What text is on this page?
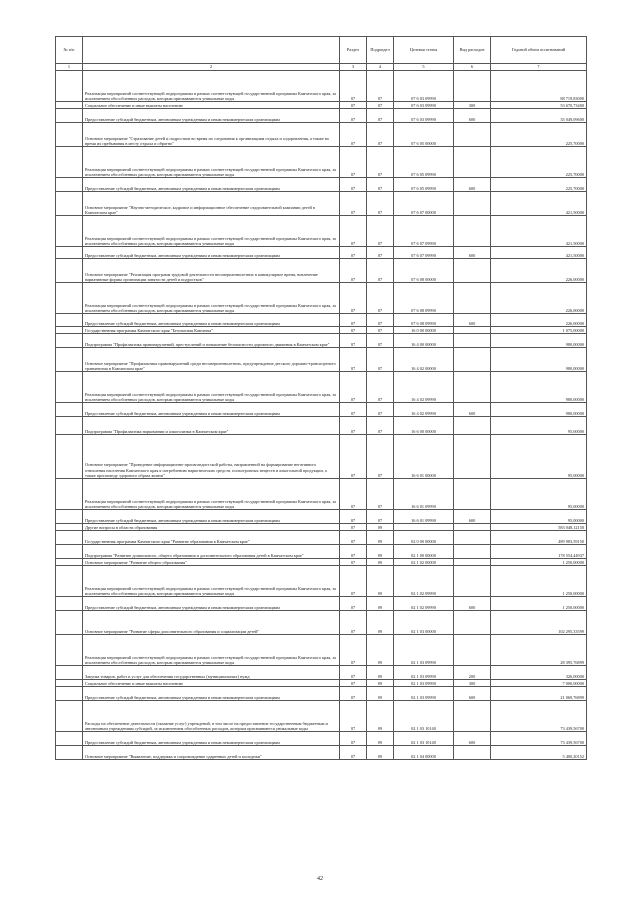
№ п/п		Раздел	Подраздел	Целевая статья	Вид расходов	Годовой объем ассигнований
1	2	3	4	5	6	7
	Реализация мероприятий соответствующей подпрограммы в рамках соответствующей государственной программы Камчатского края, за исключением обособленных расходов, которым присваиваются уникальные коды	07	07	07 6 03 09990		88 719,83000
	Социальное обеспечение и иные выплаты населению	07	07	07 6 03 09990	300	53 670,73400
	Предоставление субсидий бюджетным, автономным учреждениям и иным некоммерческим организациям	07	07	07 6 03 09990	600	35 049,09600
	Основное мероприятие "Страхование детей и подростков во время их следования к организациям отдыха и оздоровления, а также во время их пребывания в месту отдыха и обратно"	07	07	07 6 05 00000		225,70000
	Реализация мероприятий соответствующей подпрограммы в рамках соответствующей государственной программы Камчатского края, за исключением обособленных расходов, которым присваиваются уникальные коды	07	07	07 6 05 09990		225,70000
	Предоставление субсидий бюджетным, автономным учреждениям и иным некоммерческим организациям	07	07	07 6 05 09990	600	225,70000
	Основное мероприятие "Научно-методическое, кадровое и информационное обеспечение оздоровительной кампании детей в Камчатском крае"	07	07	07 6 07 00000		421,50000
	Реализация мероприятий соответствующей подпрограммы в рамках соответствующей государственной программы Камчатского края, за исключением обособленных расходов, которым присваиваются уникальные коды	07	07	07 6 07 09990		421,50000
	Предоставление субсидий бюджетным, автономным учреждениям и иным некоммерческим организациям	07	07	07 6 07 09990	600	421,50000
	Основное мероприятие "Реализация программ трудовой деятельности несовершеннолетних в каникулярное время, вовлечение вариативные формы организации занятости детей и подростков"	07	07	07 6 08 00000		226,00000
	Реализация мероприятий соответствующей подпрограммы в рамках соответствующей государственной программы Камчатского края, за исключением обособленных расходов, которым присваиваются уникальные коды	07	07	07 6 08 09990		226,00000
	Предоставление субсидий бюджетным, автономным учреждениям и иным некоммерческим организациям	07	07	07 6 08 09990	600	226,00000
	Государственная программа Камчатского края "Безопасная Камчатка"	07	07	16 0 00 00000		1 075,00000
	Подпрограмма "Профилактика правонарушений, преступлений и повышение безопасности дорожного движения в Камчатском крае"	07	07	16 4 00 00000		980,00000
	Основное мероприятие "Профилактика правонарушений среди несовершеннолетних, предупреждение детского дорожно-транспортного травматизма в Камчатском крае"	07	07	16 4 02 00000		980,00000
	Реализация мероприятий соответствующей подпрограммы в рамках соответствующей государственной программы Камчатского края, за исключением обособленных расходов, которым присваиваются уникальные коды	07	07	16 4 02 09990		980,00000
	Предоставление субсидий бюджетным, автономным учреждениям и иным некоммерческим организациям	07	07	16 4 02 09990	600	980,00000
	Подпрограмма "Профилактика наркомании и алкоголизма в Камчатском крае"	07	07	16 6 00 00000		95,00000
	Основное мероприятие "Проведение информационно-пропагандистской работы, направленной на формирование негативного отношения населения Камчатского края к потреблению наркотических средств, психотропных веществ и алкогольной продукции, а также пропаганду здорового образа жизни"	07	07	16 6 01 00000		95,00000
	Реализация мероприятий соответствующей подпрограммы в рамках соответствующей государственной программы Камчатского края, за исключением обособленных расходов, которым присваиваются уникальные коды	07	07	16 6 01 09990		95,00000
	Предоставление субсидий бюджетным, автономным учреждениям и иным некоммерческим организациям	07	07	16 6 01 09990	600	95,00000
	Другие вопросы в области образования	07	09			583 048,12150
	Государственная программа Камчатского края "Развитие образования в Камчатском крае"	07	09	02 0 00 00000		489 983,59150
	Подпрограмма "Развитие дошкольного, общего образования и дополнительного образования детей в Камчатском крае"	07	09	02 1 00 00000		178 554,44937
	Основное мероприятие "Развитие общего образования"	07	09	02 1 02 00000		1 250,00000
	Реализация мероприятий соответствующей подпрограммы в рамках соответствующей государственной программы Камчатского края, за исключением обособленных расходов, которым присваиваются уникальные коды	07	09	02 1 02 09990		1 250,00000
	Предоставление субсидий бюджетным, автономным учреждениям и иным некоммерческим организациям	07	09	02 1 02 09990	600	1 250,00000
	Основное мероприятие "Развитие сферы дополнительного образования и социализации детей"	07	09	02 1 03 00000		102 295,33599
	Реализация мероприятий соответствующей подпрограммы в рамках соответствующей государственной программы Камчатского края, за исключением обособленных расходов, которым присваиваются уникальные коды	07	09	02 1 03 09990		28 395,76899
	Закупка товаров, работ и услуг для обеспечения государственных (муниципальных) нужд	07	09	02 1 03 09990	200	326,00000
	Социальное обеспечение и иные выплаты населению	07	09	02 1 03 09990	300	7 000,00000
	Предоставление субсидий бюджетным, автономным учреждениям и иным некоммерческим организациям	07	09	02 1 03 09990	600	21 069,76899
	Расходы на обеспечение деятельности (оказание услуг) учреждений, в том числе на предоставление государственным бюджетным и автономным учреждениям субсидий, за исключением обособленных расходов, которым присваиваются уникальные коды	07	09	02 1 03 10140		73 439,56700
	Предоставление субсидий бюджетным, автономным учреждениям и иным некоммерческим организациям	07	09	02 1 03 10140	600	73 439,56700
	Основное мероприятие "Выявление, поддержка и сопровождение одаренных детей и молодежи"	07	09	02 1 04 00000		5 400,20152
42
